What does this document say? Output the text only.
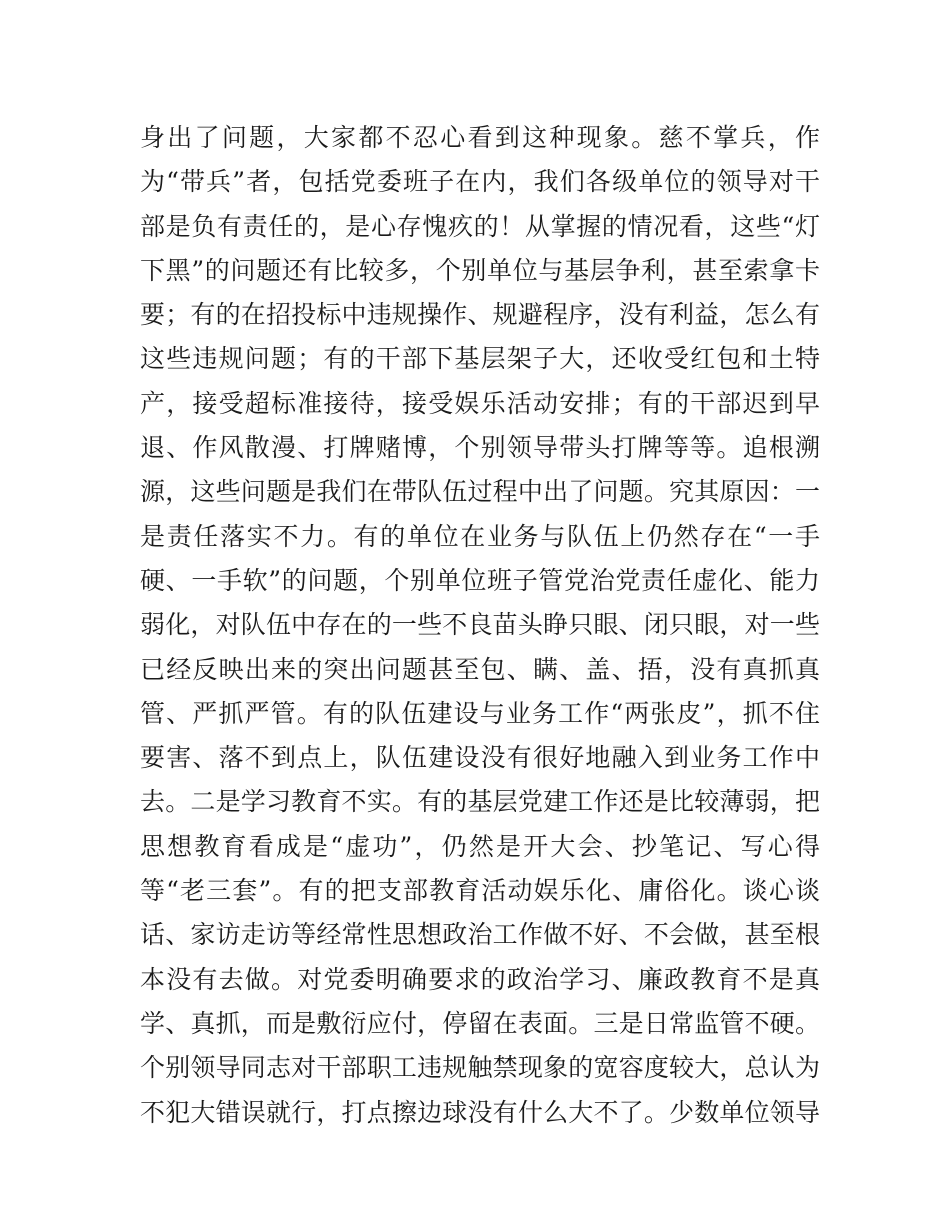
身出了问题，大家都不忍心看到这种现象。慈不掌兵，作
为“带兵”者，包括党委班子在内，我们各级单位的领导对干
部是负有责任的，是心存愧疚的！从掌握的情况看，这些“灯
下黑”的问题还有比较多，个别单位与基层争利，甚至索拿卡
要；有的在招投标中违规操作、规避程序，没有利益，怎么有
这些违规问题；有的干部下基层架子大，还收受红包和土特
产，接受超标准接待，接受娱乐活动安排；有的干部迟到早
退、作风散漫、打牌赌博，个别领导带头打牌等等。追根溯
源，这些问题是我们在带队伍过程中出了问题。究其原因：一
是责任落实不力。有的单位在业务与队伍上仍然存在“一手
硬、一手软”的问题，个别单位班子管党治党责任虚化、能力
弱化，对队伍中存在的一些不良苗头睁只眼、闭只眼，对一些
已经反映出来的突出问题甚至包、瞒、盖、捂，没有真抓真
管、严抓严管。有的队伍建设与业务工作“两张皮”，抓不住
要害、落不到点上，队伍建设没有很好地融入到业务工作中
去。二是学习教育不实。有的基层党建工作还是比较薄弱，把
思想教育看成是“虚功”，仍然是开大会、抄笔记、写心得
等“老三套”。有的把支部教育活动娱乐化、庸俗化。谈心谈
话、家访走访等经常性思想政治工作做不好、不会做，甚至根
本没有去做。对党委明确要求的政治学习、廉政教育不是真
学、真抓，而是敷衍应付，停留在表面。三是日常监管不硬。
个别领导同志对干部职工违规触禁现象的宽容度较大，总认为
不犯大错误就行，打点擦边球没有什么大不了。少数单位领导
